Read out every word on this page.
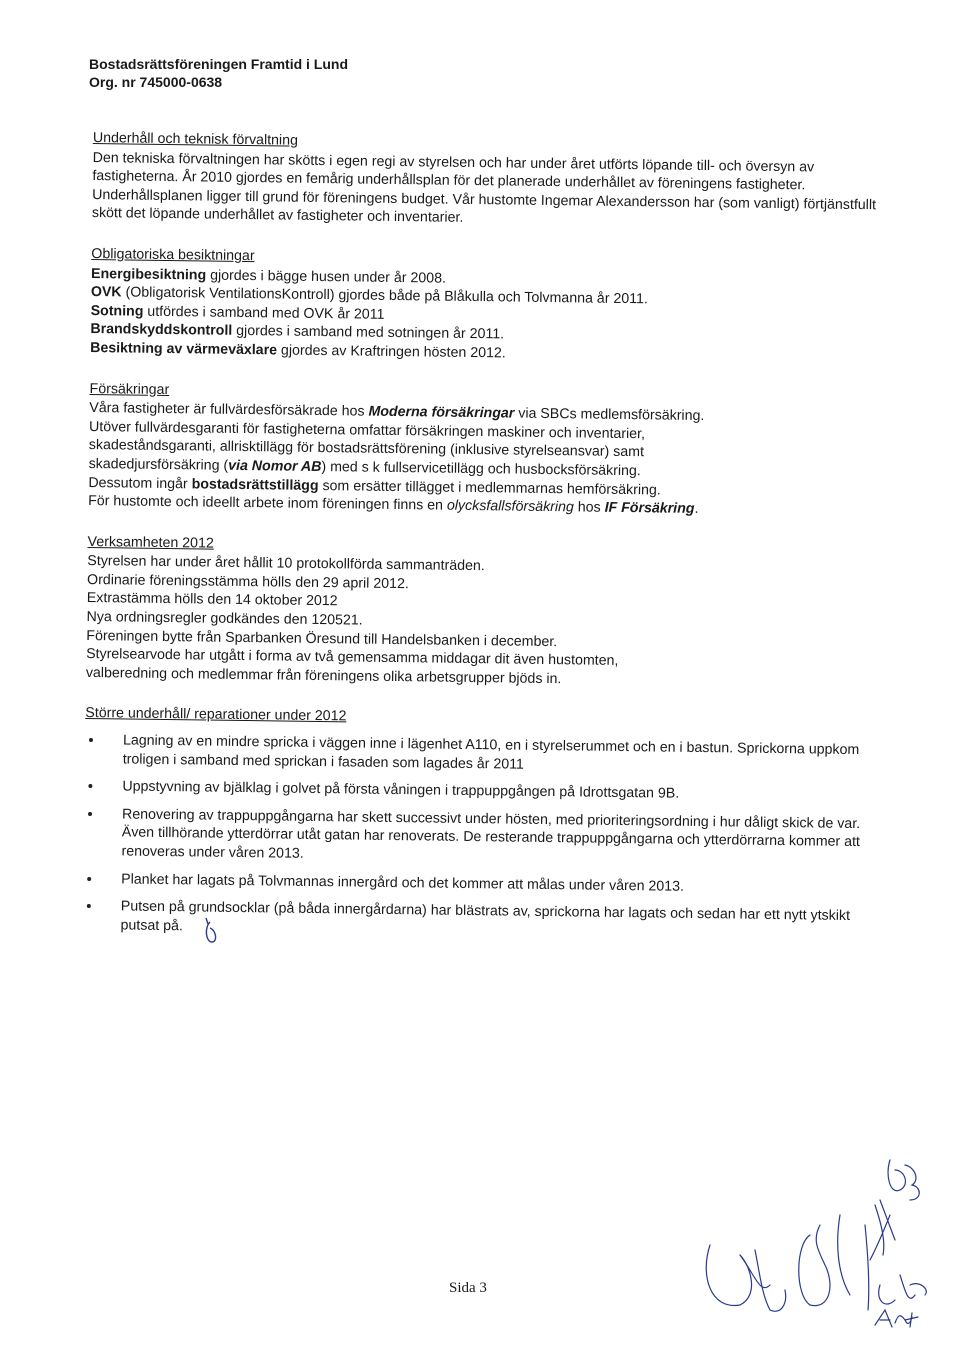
Bostadsrättsföreningen Framtid i Lund
Org. nr 745000-0638
Underhåll och teknisk förvaltning

Den tekniska förvaltningen har skötts i egen regi av styrelsen och har under året utförts löpande till- och översyn av fastigheterna. År 2010 gjordes en femårig underhållsplan för det planerade underhållet av föreningens fastigheter. Underhållsplanen ligger till grund för föreningens budget. Vår hustomte Ingemar Alexandersson har (som vanligt) förtjänstfullt skött det löpande underhållet av fastigheter och inventarier.

Obligatoriska besiktningar
Energibesiktning gjordes i bägge husen under år 2008.
OVK (Obligatorisk VentilationsKontroll) gjordes både på Blåkulla och Tolvmanna år 2011.
Sotning utfördes i samband med OVK år 2011
Brandskyddskontroll gjordes i samband med sotningen år 2011.
Besiktning av värmeväxlare gjordes av Kraftringen hösten 2012.
Försäkringar
Våra fastigheter är fullvärdesförsäkrade hos Moderna försäkringar via SBCs medlemsförsäkring.
Utöver fullvärdesgaranti för fastigheterna omfattar försäkringen maskiner och inventarier,
skadeståndsgaranti, allrisktillägg för bostadsrättsförening (inklusive styrelseansvar) samt
skadedjursförsäkring (via Nomor AB) med s k fullservicetillägg och husbocksförsäkring.
Dessutom ingår bostadsrättstillägg som ersätter tillägget i medlemmarnas hemförsäkring.
För hustomte och ideellt arbete inom föreningen finns en olycksfallsförsäkring hos IF Försäkring.
Verksamheten 2012
Styrelsen har under året hållit 10 protokollförda sammanträden.
Ordinarie föreningsstämma hölls den 29 april 2012.
Extrastämma hölls den 14 oktober 2012
Nya ordningsregler godkändes den 120521.
Föreningen bytte från Sparbanken Öresund till Handelsbanken i december.
Styrelsearvode har utgått i forma av två gemensamma middagar dit även hustomten,
valberedning och medlemmar från föreningens olika arbetsgrupper bjöds in.
Större underhåll/ reparationer under 2012
Lagning av en mindre spricka i väggen inne i lägenhet A110, en i styrelserummet och en i bastun. Sprickorna uppkom troligen i samband med sprickan i fasaden som lagades år 2011
Uppstyvning av bjälklag i golvet på första våningen i trappuppgången på Idrottsgatan 9B.
Renovering av trappuppgångarna har skett successivt under hösten, med prioriteringsordning i hur dåligt skick de var. Även tillhörande ytterdörrar utåt gatan har renoverats. De resterande trappuppgångarna och ytterdörrarna kommer att renoveras under våren 2013.
Planket har lagats på Tolvmannas innergård och det kommer att målas under våren 2013.
Putsen på grundsocklar (på båda innergårdarna) har blästrats av, sprickorna har lagats och sedan har ett nytt ytskikt putsat på.
Sida 3
